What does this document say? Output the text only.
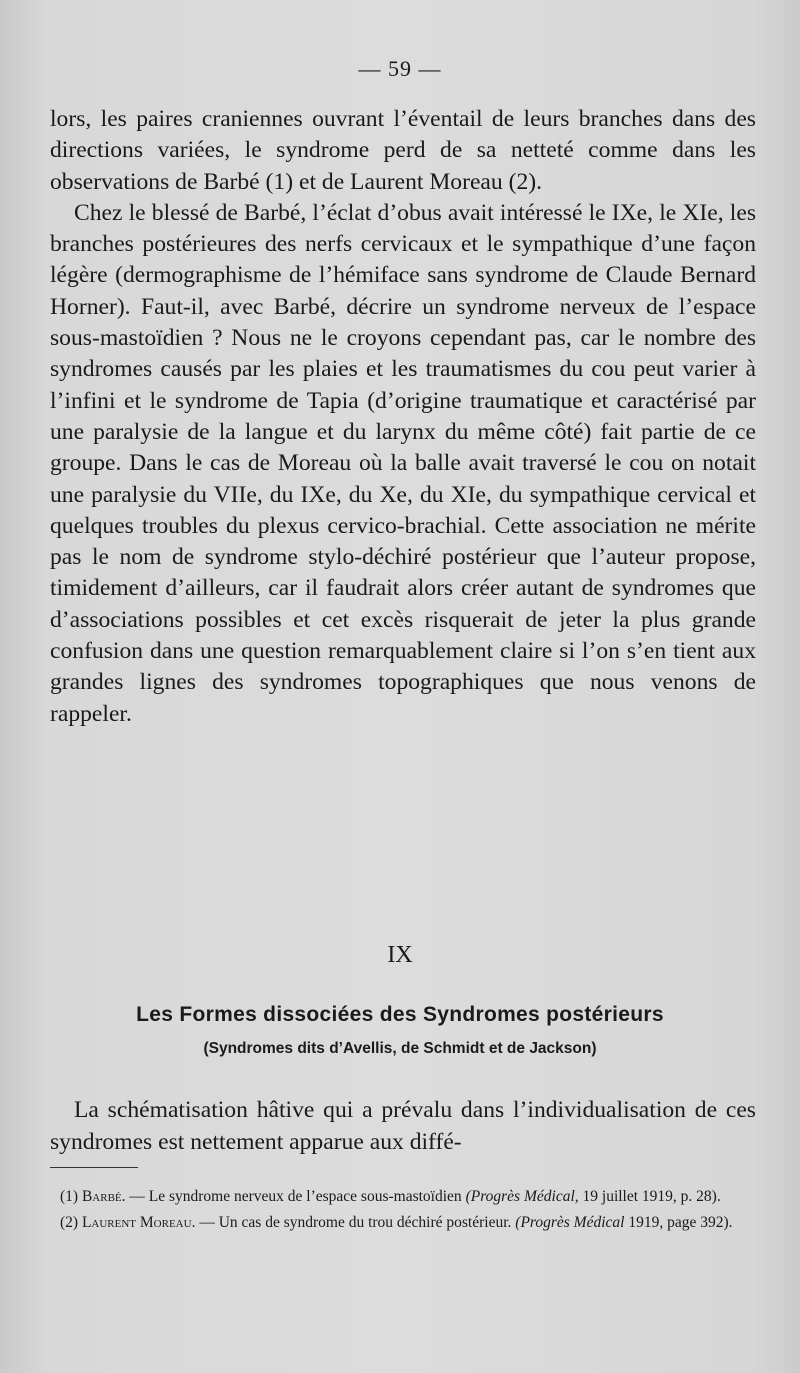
— 59 —

lors, les paires craniennes ouvrant l’éventail de leurs branches dans des directions variées, le syndrome perd de sa netteté comme dans les observations de Barbé (1) et de Laurent Moreau (2).

Chez le blessé de Barbé, l’éclat d’obus avait intéressé le IXe, le XIe, les branches postérieures des nerfs cervicaux et le sympathique d’une façon légère (dermographisme de l’hémiface sans syndrome de Claude Bernard Horner). Faut-il, avec Barbé, décrire un syndrome nerveux de l’espace sous-mastoïdien ? Nous ne le croyons cependant pas, car le nombre des syndromes causés par les plaies et les traumatismes du cou peut varier à l’infini et le syndrome de Tapia (d’origine traumatique et caractérisé par une paralysie de la langue et du larynx du même côté) fait partie de ce groupe. Dans le cas de Moreau où la balle avait traversé le cou on notait une paralysie du VIIe, du IXe, du Xe, du XIe, du sympathique cervical et quelques troubles du plexus cervico-brachial. Cette association ne mérite pas le nom de syndrome stylo-déchiré postérieur que l’auteur propose, timidement d’ailleurs, car il faudrait alors créer autant de syndromes que d’associations possibles et cet excès risquerait de jeter la plus grande confusion dans une question remarquablement claire si l’on s’en tient aux grandes lignes des syndromes topographiques que nous venons de rappeler.

IX
Les Formes dissociées des Syndromes postérieurs
(Syndromes dits d’Avellis, de Schmidt et de Jackson)
La schématisation hâtive qui a prévalu dans l’individualisation de ces syndromes est nettement apparue aux diffé-

(1) Barbé. — Le syndrome nerveux de l’espace sous-mastoïdien (Progrès Médical, 19 juillet 1919, p. 28).

(2) Laurent Moreau. — Un cas de syndrome du trou déchiré postérieur. (Progrès Médical 1919, page 392).
